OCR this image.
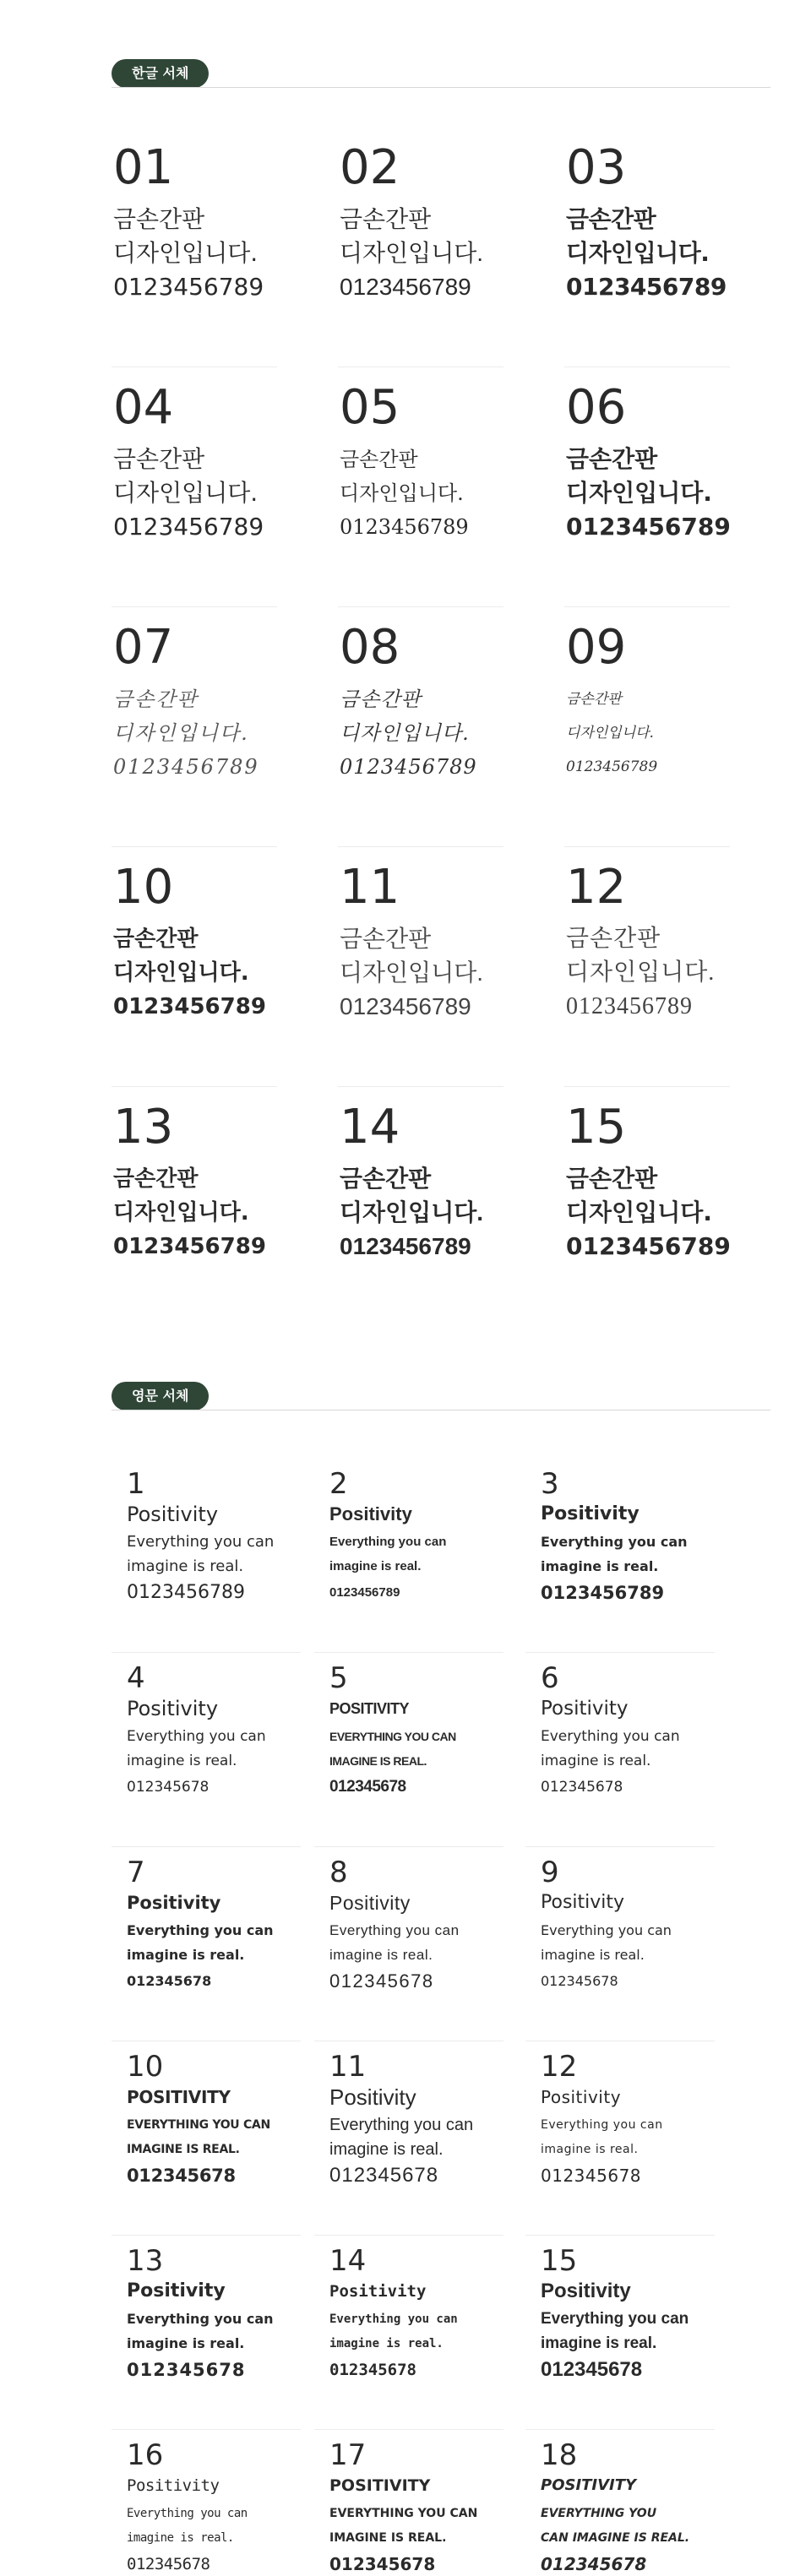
한글 서체
01
금손간판
디자인입니다.
0123456789
02
금손간판
디자인입니다.
0123456789
03
금손간판
디자인입니다.
0123456789
04
금손간판
디자인입니다.
0123456789
05
금손간판
디자인입니다.
0123456789
06
금손간판
디자인입니다.
0123456789
07
금손간판
디자인입니다.
0123456789
08
금손간판
디자인입니다.
0123456789
09
금손간판
디자인입니다.
0123456789
10
금손간판
디자인입니다.
0123456789
11
금손간판
디자인입니다.
0123456789
12
금손간판
디자인입니다.
0123456789
13
금손간판
디자인입니다.
0123456789
14
금손간판
디자인입니다.
0123456789
15
금손간판
디자인입니다.
0123456789
영문 서체
1
Positivity
Everything you can
imagine is real.
0123456789
2
Positivity
Everything you can
imagine is real.
0123456789
3
Positivity
Everything you can
imagine is real.
0123456789
4
Positivity
Everything you can
imagine is real.
012345678
5
POSITIVITY
EVERYTHING YOU CAN
IMAGINE IS REAL.
012345678
6
Positivity
Everything you can
imagine is real.
012345678
7
Positivity
Everything you can
imagine is real.
012345678
8
Positivity
Everything you can
imagine is real.
012345678
9
Positivity
Everything you can
imagine is real.
012345678
10
POSITIVITY
EVERYTHING YOU CAN
IMAGINE IS REAL.
012345678
11
Positivity
Everything you can
imagine is real.
012345678
12
Positivity
Everything you can
imagine is real.
012345678
13
Positivity
Everything you can
imagine is real.
012345678
14
Positivity
Everything you can
imagine is real.
012345678
15
Positivity
Everything you can
imagine is real.
012345678
16
Positivity
Everything you can
imagine is real.
012345678
17
POSITIVITY
EVERYTHING YOU CAN
IMAGINE IS REAL.
012345678
18
POSITIVITY
EVERYTHING YOU
CAN IMAGINE IS REAL.
012345678
